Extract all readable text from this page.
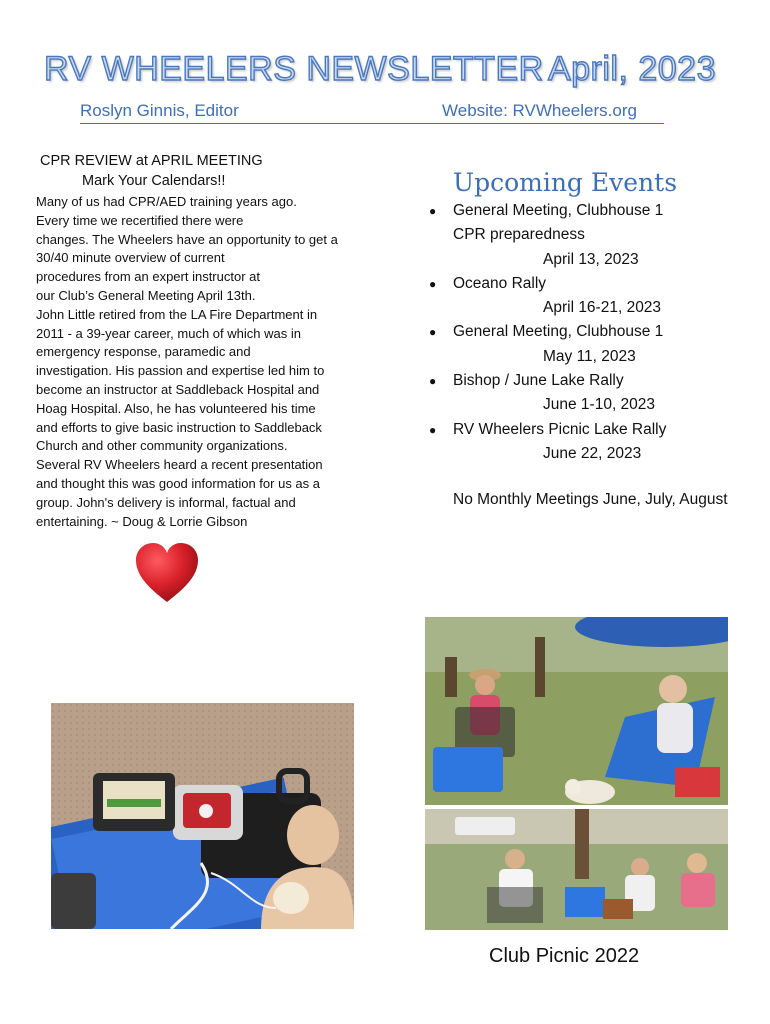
RV WHEELERS NEWSLETTER April, 2023
Roslyn Ginnis, Editor	Website: RVWheelers.org
CPR REVIEW at APRIL MEETING
Mark Your Calendars!!

Many of us had CPR/AED training years ago.

Every time we recertified there were

changes. The Wheelers have an opportunity to get a

30/40 minute overview of current

procedures from an expert instructor at

our Club’s General Meeting April 13th.

John Little retired from the LA Fire Department in

2011 - a 39-year career, much of which was in

emergency response, paramedic and

investigation. His passion and expertise led him to

become an instructor at Saddleback Hospital and

Hoag Hospital. Also, he has volunteered his time

and efforts to give basic instruction to Saddleback

Church and other community organizations.

Several RV Wheelers heard a recent presentation

and thought this was good information for us as a

group. John's delivery is informal, factual and

entertaining. ~ Doug & Lorrie Gibson

Upcoming Events
● General Meeting, Clubhouse 1
CPR preparedness
April 13, 2023
● Oceano Rally
April 16-21, 2023
● General Meeting, Clubhouse 1
May 11, 2023
● Bishop / June Lake Rally
June 1-10, 2023
● RV Wheelers Picnic Lake Rally
June 22, 2023
No Monthly Meetings June, July, August
Club Picnic 2022
